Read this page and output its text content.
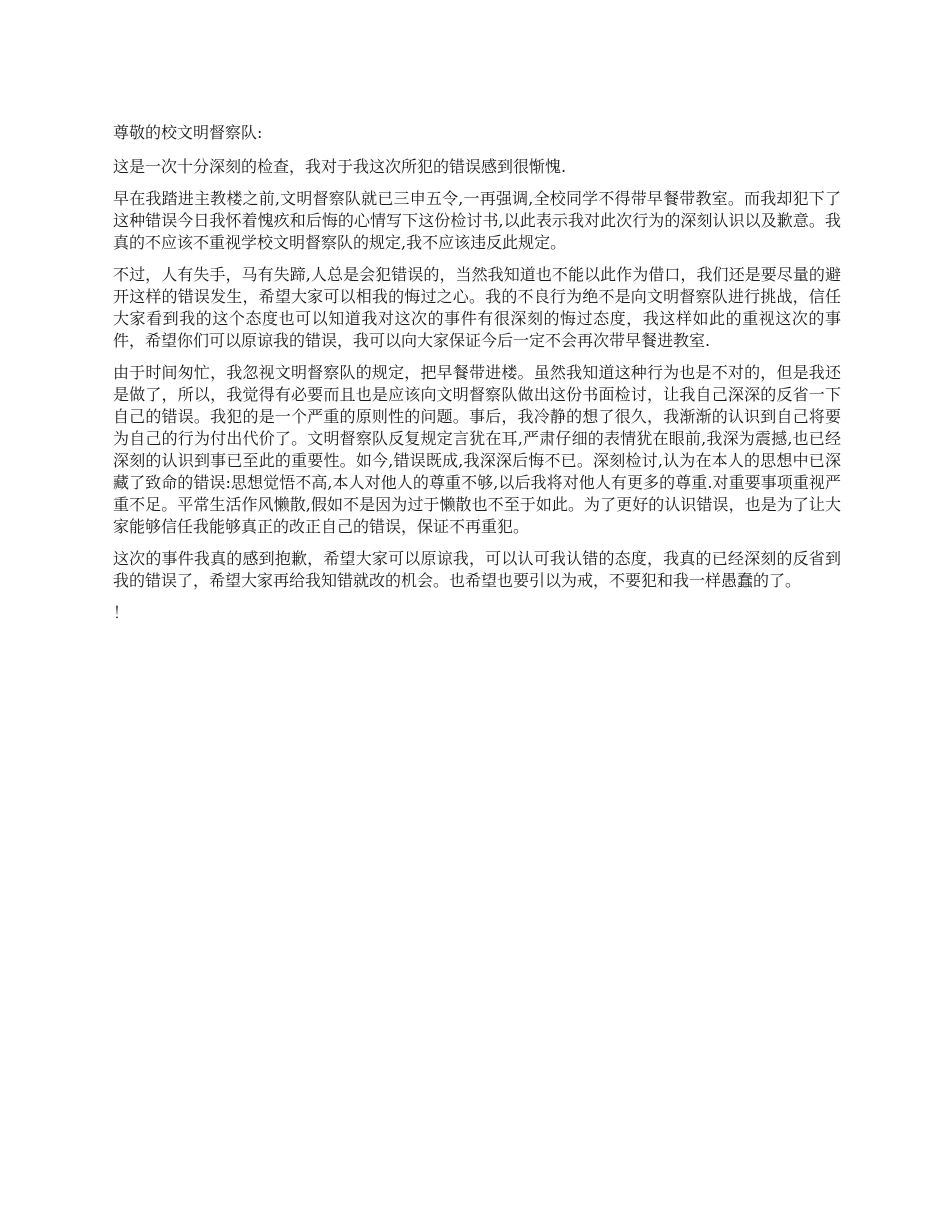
尊敬的校文明督察队:

这是一次十分深刻的检查，我对于我这次所犯的错误感到很惭愧.

早在我踏进主教楼之前,文明督察队就已三申五令,一再强调,全校同学不得带早餐带教室。而我却犯下了这种错误今日我怀着愧疚和后悔的心情写下这份检讨书,以此表示我对此次行为的深刻认识以及歉意。我真的不应该不重视学校文明督察队的规定,我不应该违反此规定。

不过，人有失手，马有失蹄,人总是会犯错误的，当然我知道也不能以此作为借口，我们还是要尽量的避开这样的错误发生，希望大家可以相我的悔过之心。我的不良行为绝不是向文明督察队进行挑战，信任大家看到我的这个态度也可以知道我对这次的事件有很深刻的悔过态度，我这样如此的重视这次的事件，希望你们可以原谅我的错误，我可以向大家保证今后一定不会再次带早餐进教室.

由于时间匆忙，我忽视文明督察队的规定，把早餐带进楼。虽然我知道这种行为也是不对的，但是我还是做了，所以，我觉得有必要而且也是应该向文明督察队做出这份书面检讨，让我自己深深的反省一下自己的错误。我犯的是一个严重的原则性的问题。事后，我冷静的想了很久，我渐渐的认识到自己将要为自己的行为付出代价了。文明督察队反复规定言犹在耳,严肃仔细的表情犹在眼前,我深为震撼,也已经深刻的认识到事已至此的重要性。如今,错误既成,我深深后悔不已。深刻检讨,认为在本人的思想中已深藏了致命的错误:思想觉悟不高,本人对他人的尊重不够,以后我将对他人有更多的尊重.对重要事项重视严重不足。平常生活作风懒散,假如不是因为过于懒散也不至于如此。为了更好的认识错误，也是为了让大家能够信任我能够真正的改正自己的错误，保证不再重犯。

这次的事件我真的感到抱歉，希望大家可以原谅我，可以认可我认错的态度，我真的已经深刻的反省到我的错误了，希望大家再给我知错就改的机会。也希望也要引以为戒，不要犯和我一样愚蠢的了。

！
